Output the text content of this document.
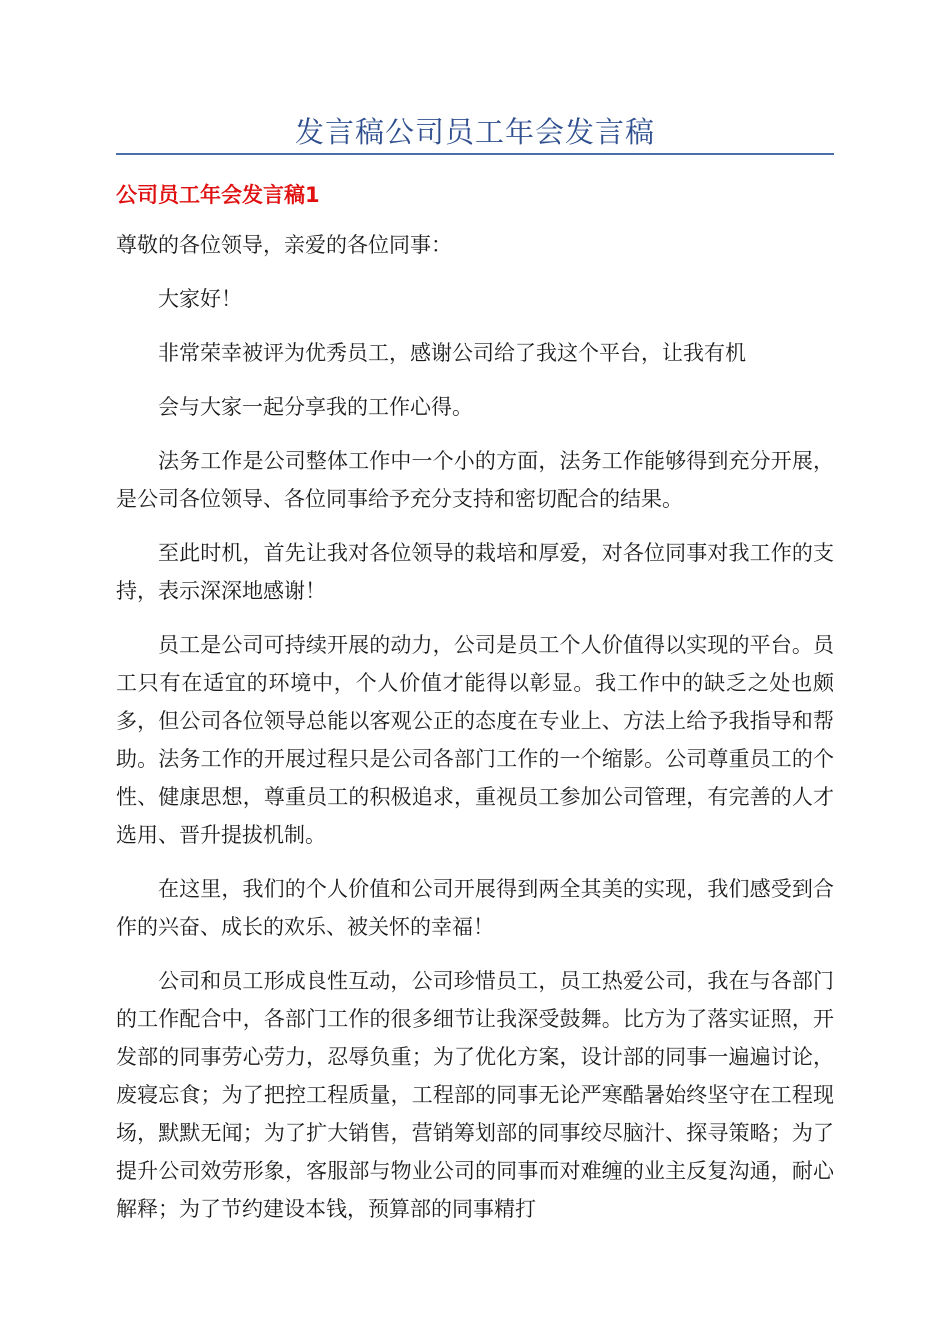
发言稿公司员工年会发言稿
公司员工年会发言稿1

尊敬的各位领导，亲爱的各位同事：

大家好！

非常荣幸被评为优秀员工，感谢公司给了我这个平台，让我有机

会与大家一起分享我的工作心得。

法务工作是公司整体工作中一个小的方面，法务工作能够得到充分开展，是公司各位领导、各位同事给予充分支持和密切配合的结果。

至此时机，首先让我对各位领导的栽培和厚爱，对各位同事对我工作的支持，表示深深地感谢！

员工是公司可持续开展的动力，公司是员工个人价值得以实现的平台。员工只有在适宜的环境中，个人价值才能得以彰显。我工作中的缺乏之处也颇多，但公司各位领导总能以客观公正的态度在专业上、方法上给予我指导和帮助。法务工作的开展过程只是公司各部门工作的一个缩影。公司尊重员工的个性、健康思想，尊重员工的积极追求，重视员工参加公司管理，有完善的人才选用、晋升提拔机制。

在这里，我们的个人价值和公司开展得到两全其美的实现，我们感受到合作的兴奋、成长的欢乐、被关怀的幸福！

公司和员工形成良性互动，公司珍惜员工，员工热爱公司，我在与各部门的工作配合中，各部门工作的很多细节让我深受鼓舞。比方为了落实证照，开发部的同事劳心劳力，忍辱负重；为了优化方案，设计部的同事一遍遍讨论，废寝忘食；为了把控工程质量，工程部的同事无论严寒酷暑始终坚守在工程现场，默默无闻；为了扩大销售，营销筹划部的同事绞尽脑汁、探寻策略；为了提升公司效劳形象，客服部与物业公司的同事而对难缠的业主反复沟通，耐心解释；为了节约建设本钱，预算部的同事精打
